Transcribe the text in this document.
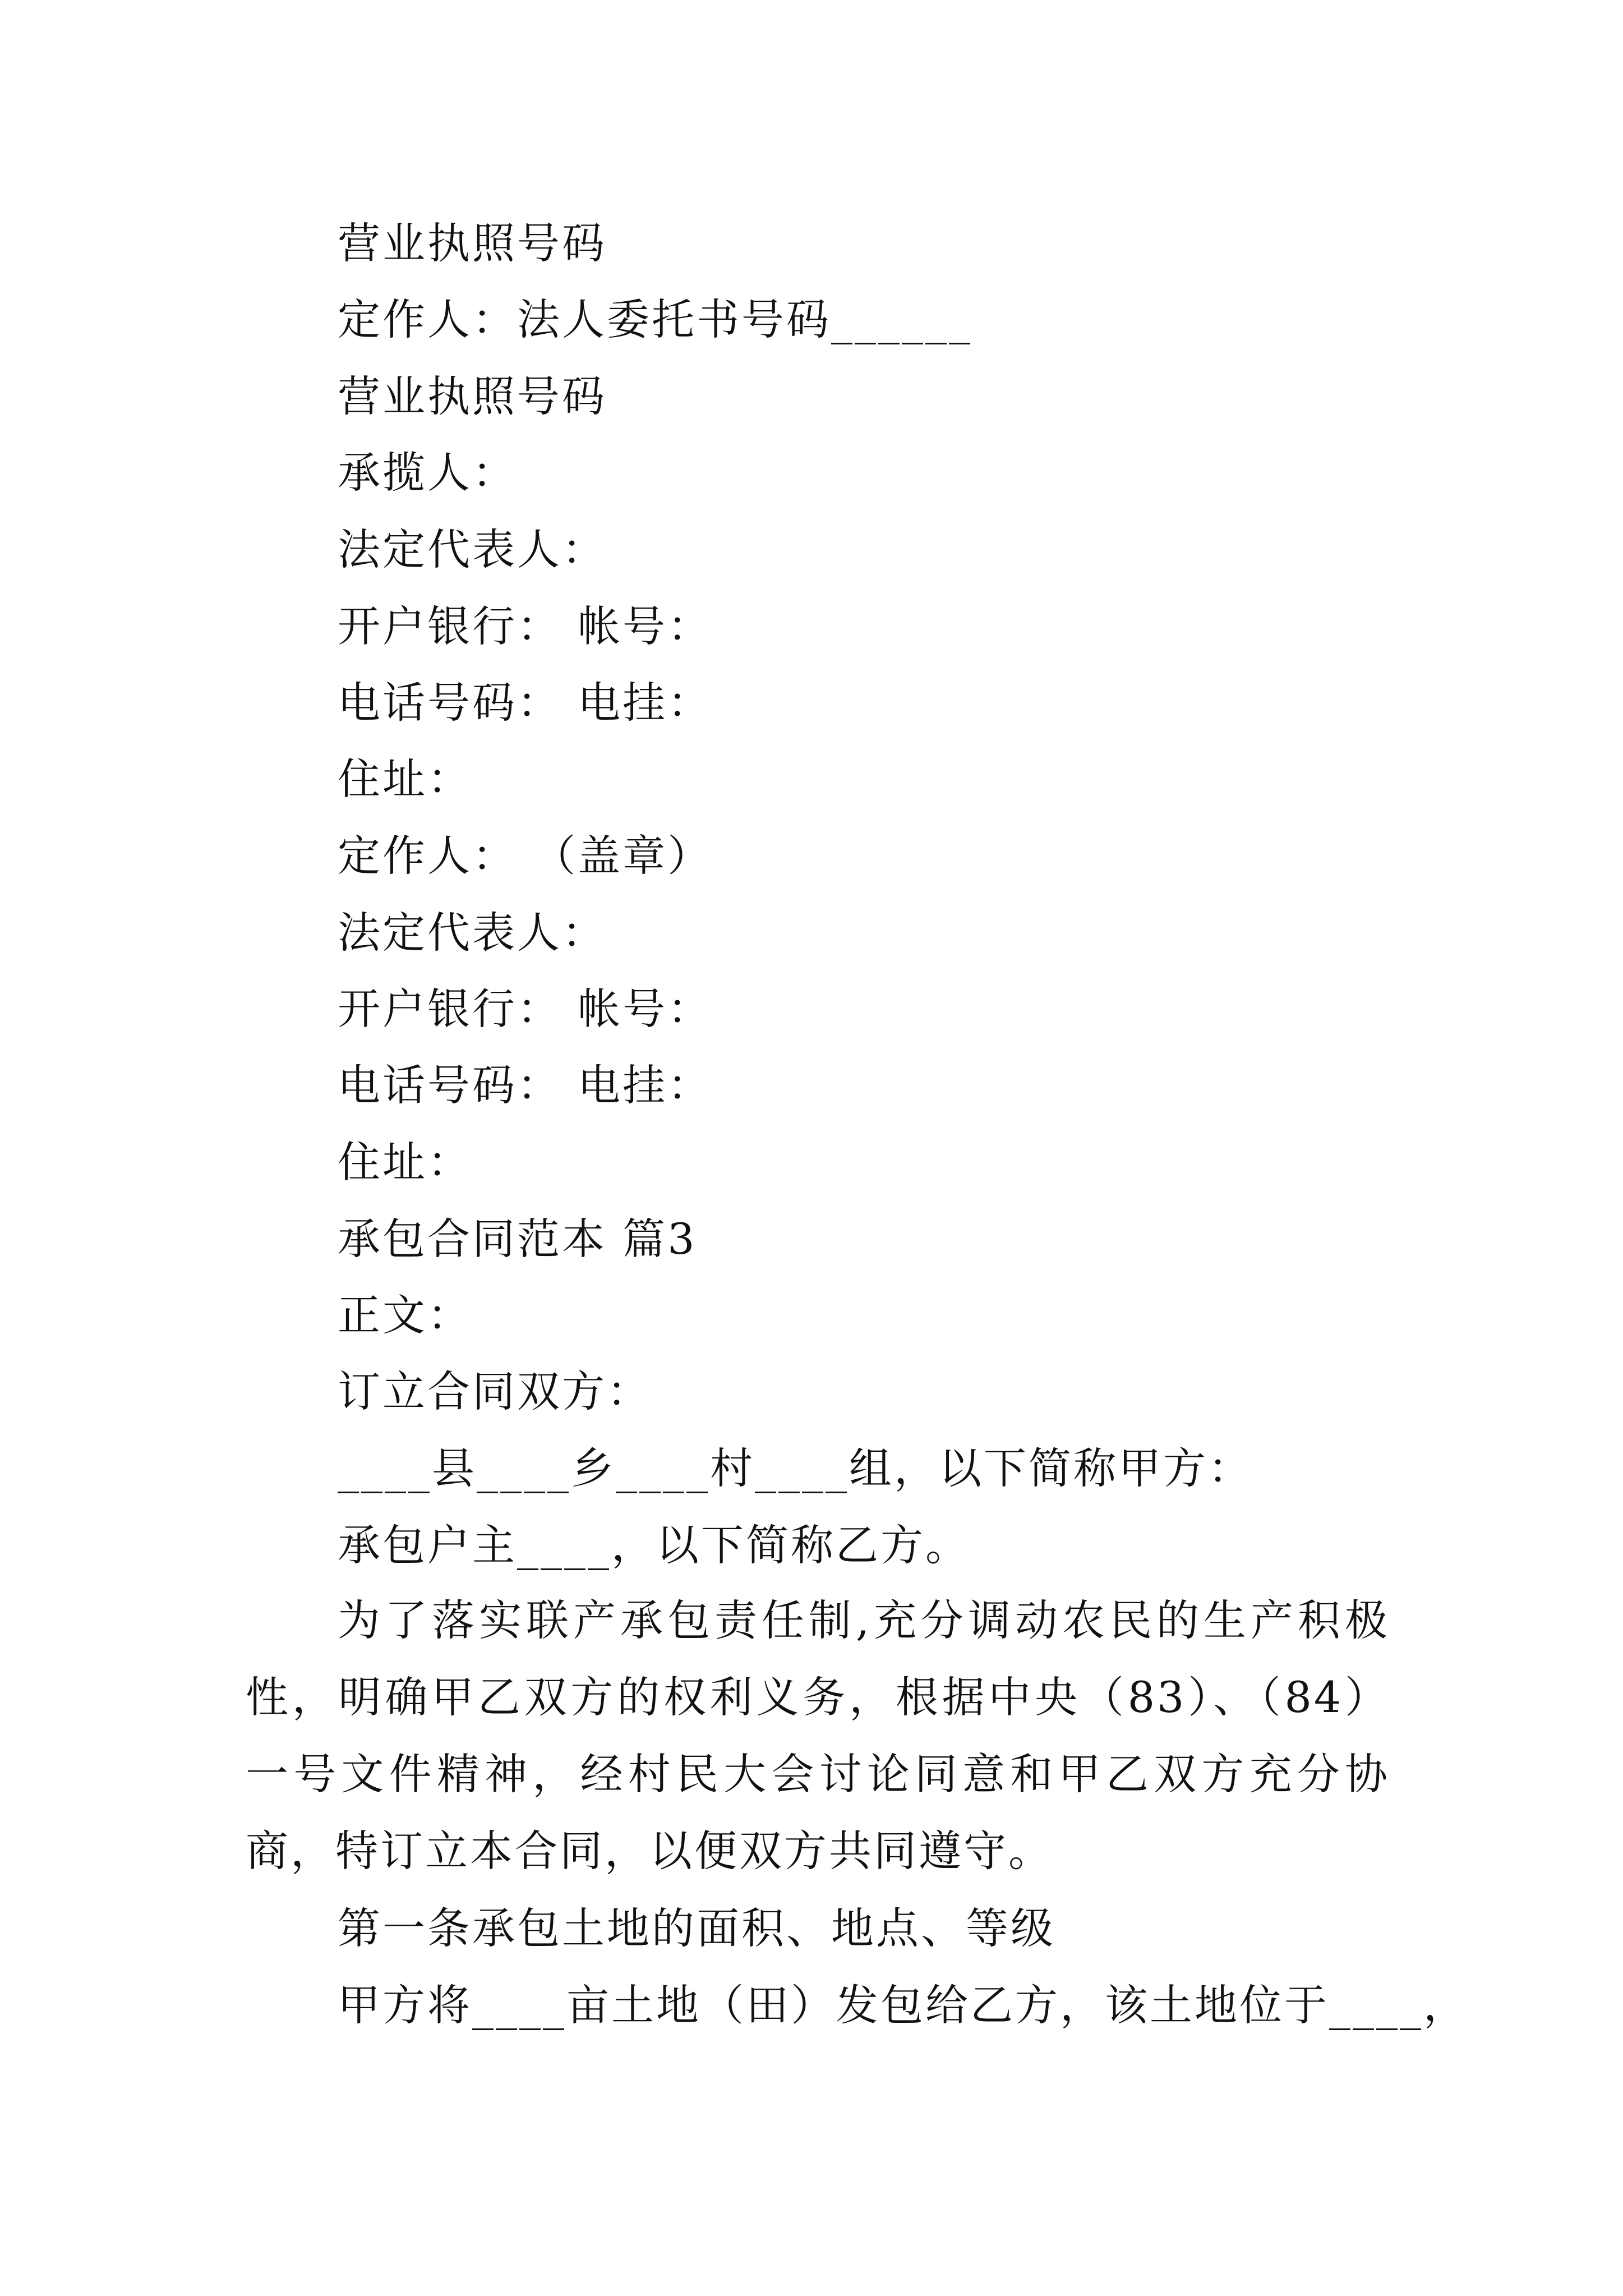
营业执照号码
定作人：法人委托书号码______
营业执照号码
承揽人：
法定代表人：
开户银行： 帐号：
电话号码： 电挂：
住址：
定作人： （盖章）
法定代表人：
开户银行： 帐号：
电话号码： 电挂：
住址：
承包合同范本 篇3
正文：
订立合同双方：
____县____乡____村____组，以下简称甲方：
承包户主____，以下简称乙方。
为了落实联产承包责任制,充分调动农民的生产积极性，明确甲乙双方的权利义务，根据中央（83）、（84）一号文件精神，经村民大会讨论同意和甲乙双方充分协商，特订立本合同，以便双方共同遵守。
第一条承包土地的面积、地点、等级
甲方将____亩土地（田）发包给乙方，该土地位于____，
